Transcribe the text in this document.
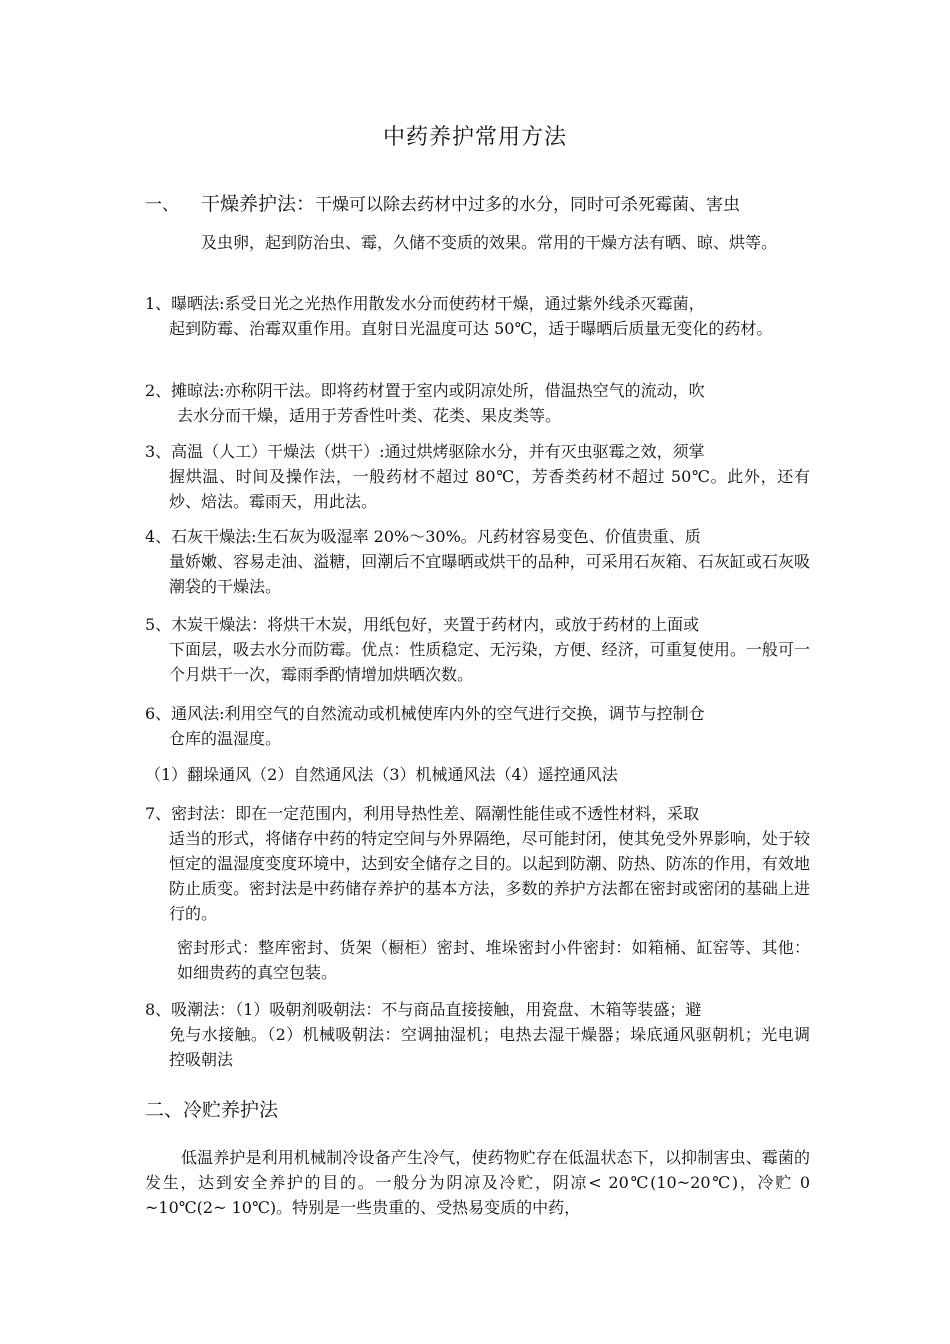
中药养护常用方法
一、 干燥养护法：干燥可以除去药材中过多的水分，同时可杀死霉菌、害虫
及虫卵，起到防治虫、霉，久储不变质的效果。常用的干燥方法有晒、晾、烘等。
1、曝晒法:系受日光之光热作用散发水分而使药材干燥，通过紫外线杀灭霉菌，
起到防霉、治霉双重作用。直射日光温度可达 50℃，适于曝晒后质量无变化的药材。
2、摊晾法:亦称阴干法。即将药材置于室内或阴凉处所，借温热空气的流动，吹
去水分而干燥，适用于芳香性叶类、花类、果皮类等。
3、高温（人工）干燥法（烘干）:通过烘烤驱除水分，并有灭虫驱霉之效，须掌
握烘温、时间及操作法，一般药材不超过 80℃，芳香类药材不超过 50℃。此外，还有炒、焙法。霉雨天，用此法。
4、石灰干燥法:生石灰为吸湿率 20%～30%。凡药材容易变色、价值贵重、质
量娇嫩、容易走油、溢糖，回潮后不宜曝晒或烘干的品种，可采用石灰箱、石灰缸或石灰吸潮袋的干燥法。
5、木炭干燥法：将烘干木炭，用纸包好，夹置于药材内，或放于药材的上面或
下面层，吸去水分而防霉。优点：性质稳定、无污染，方便、经济，可重复使用。一般可一个月烘干一次，霉雨季酌情增加烘晒次数。
6、通风法:利用空气的自然流动或机械使库内外的空气进行交换，调节与控制仓
仓库的温湿度。
（1）翻垛通风（2）自然通风法（3）机械通风法（4）遥控通风法
7、密封法：即在一定范围内，利用导热性差、隔潮性能佳或不透性材料，采取
适当的形式，将储存中药的特定空间与外界隔绝，尽可能封闭，使其免受外界影响，处于较恒定的温湿度变度环境中，达到安全储存之目的。以起到防潮、防热、防冻的作用，有效地防止质变。密封法是中药储存养护的基本方法，多数的养护方法都在密封或密闭的基础上进行的。
密封形式：整库密封、货架（橱柜）密封、堆垛密封小件密封：如箱桶、缸窑等、其他：如细贵药的真空包装。
8、吸潮法：（1）吸朝剂吸朝法：不与商品直接接触，用瓷盘、木箱等装盛；避
免与水接触。（2）机械吸朝法：空调抽湿机；电热去湿干燥器；垛底通风驱朝机；光电调控吸朝法
二、冷贮养护法
低温养护是利用机械制冷设备产生冷气，使药物贮存在低温状态下，以抑制害虫、霉菌的发生，达到安全养护的目的。一般分为阴凉及冷贮，阴凉< 20℃(10~20℃)，冷贮 0 ~10℃(2~ 10℃)。特别是一些贵重的、受热易变质的中药，
